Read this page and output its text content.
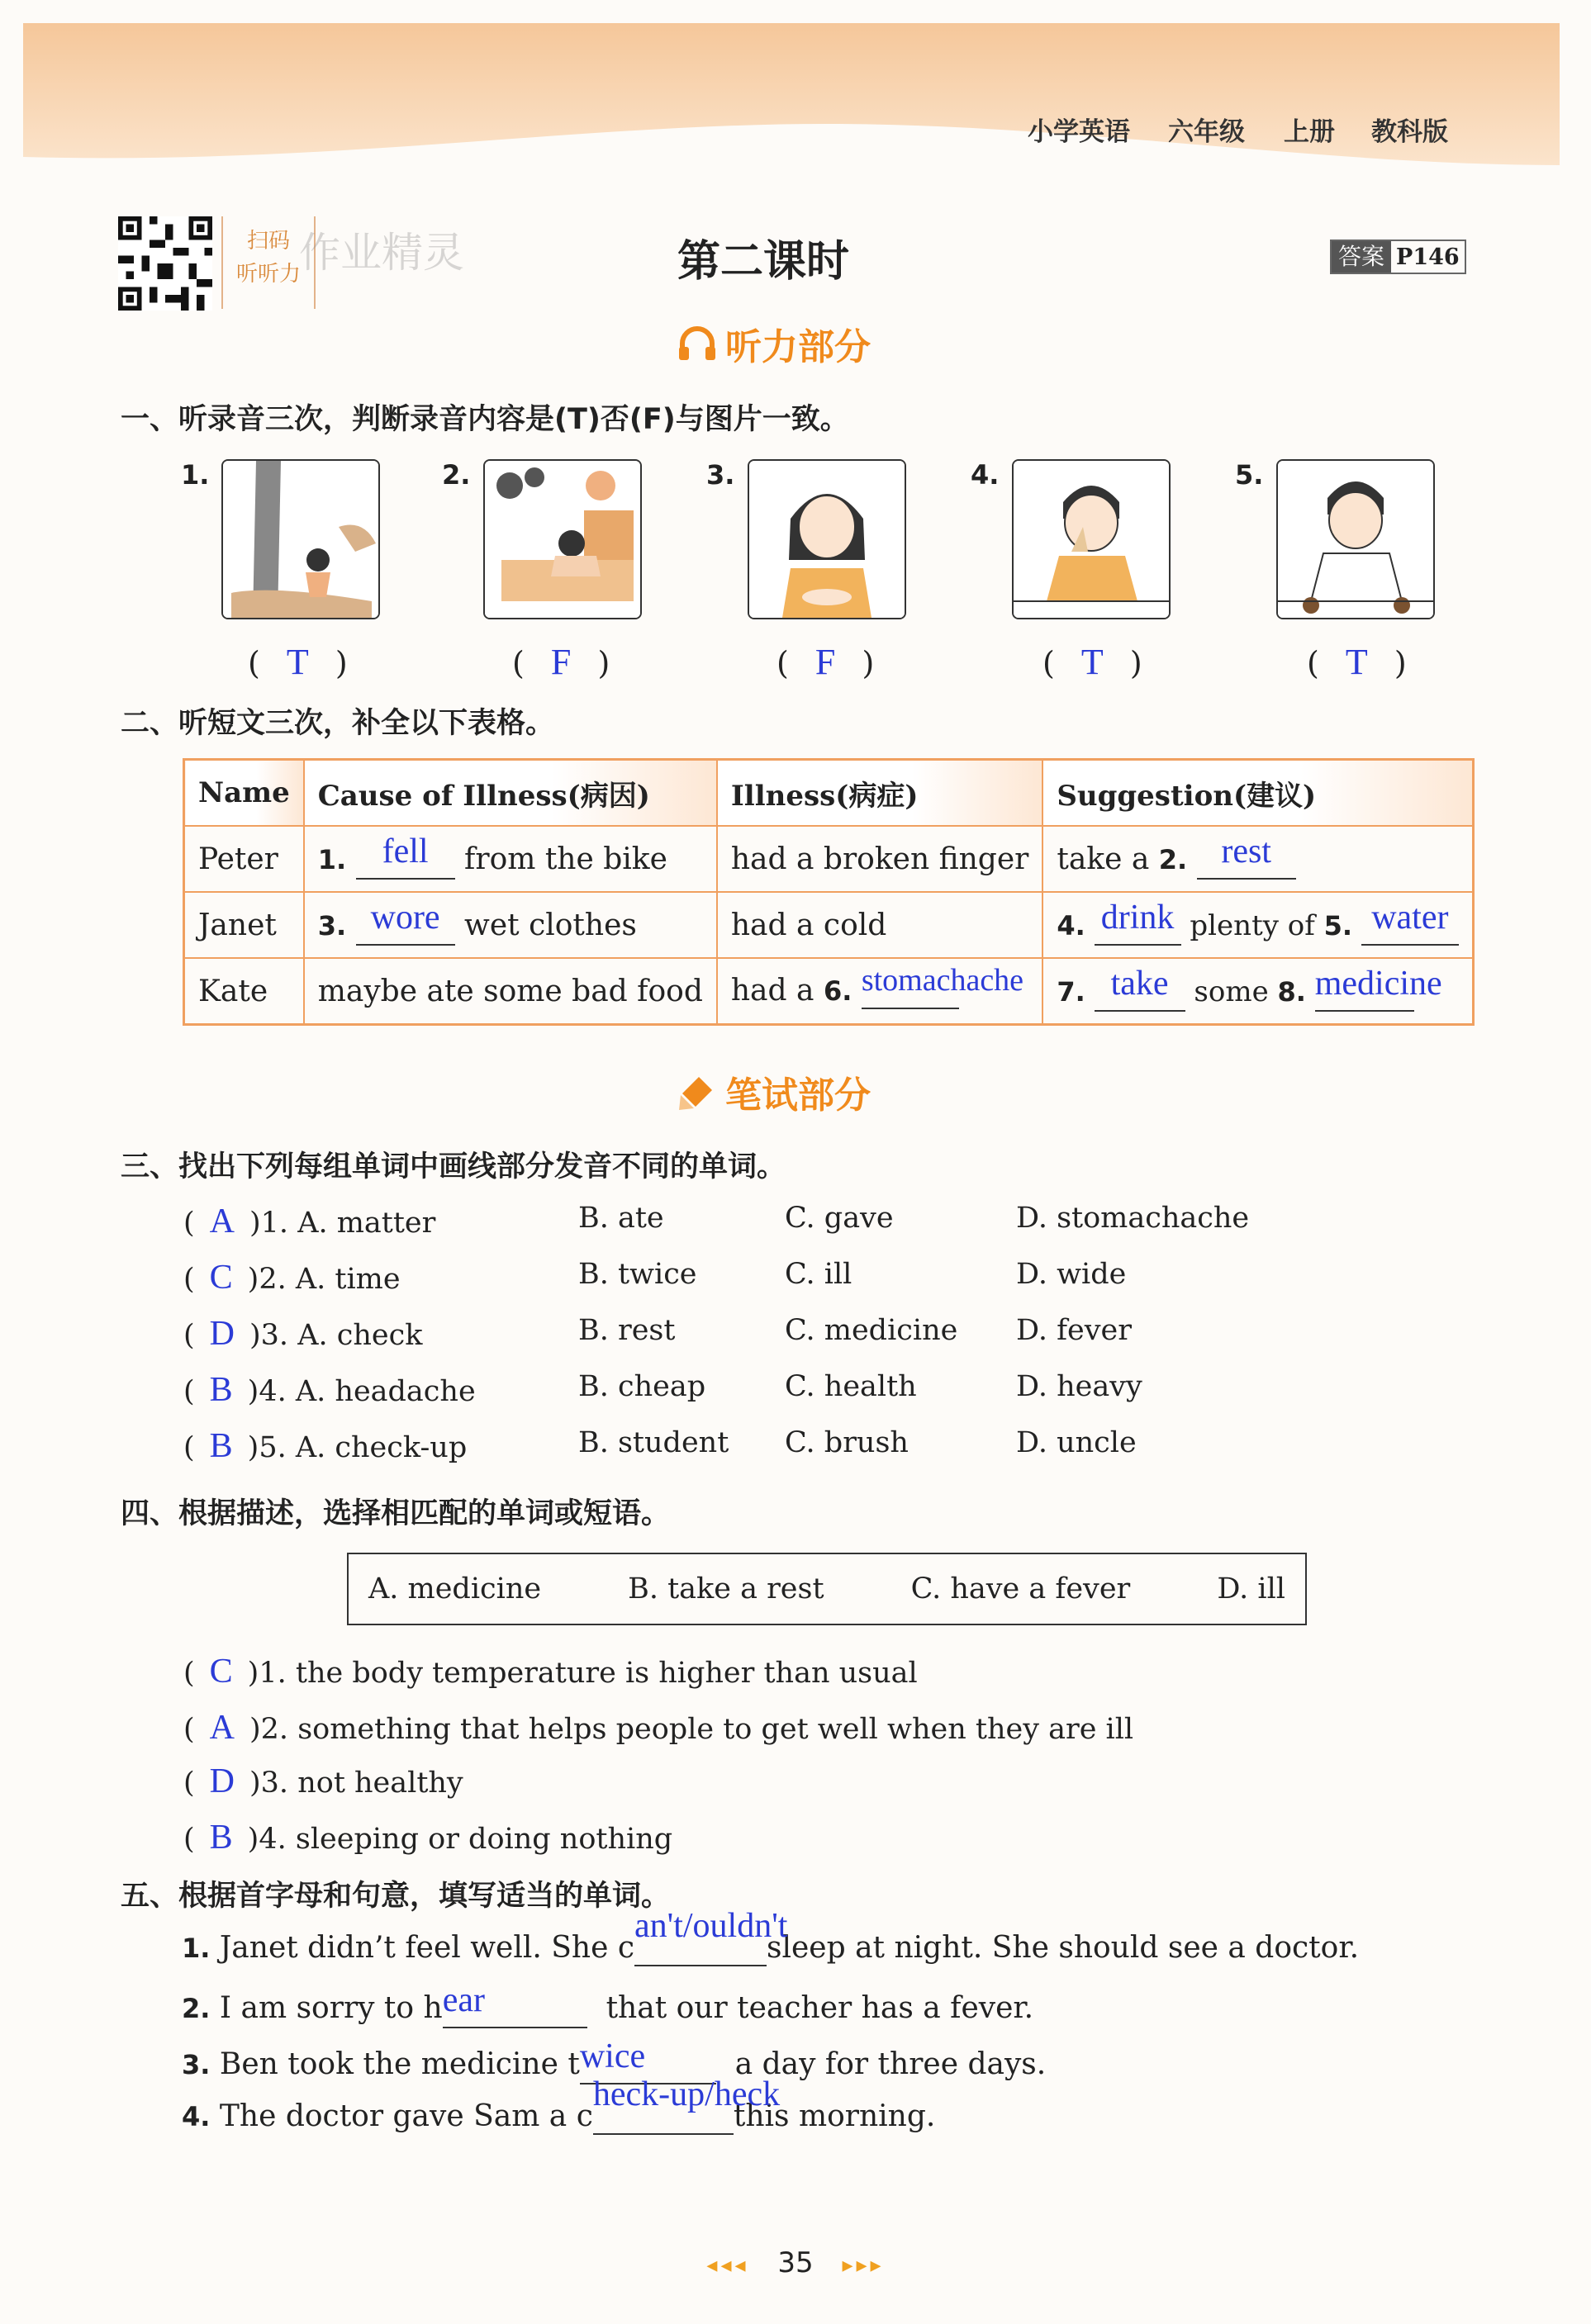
小学英语 六年级 上册 教科版
扫码
听听力
作业精灵	第二课时	答案 P146
听力部分
一、听录音三次，判断录音内容是(T)否(F)与图片一致。
1.	2.	3.	4.	5.
( T )	( F )	( F )	( T )	( T )
二、听短文三次，补全以下表格。
Name	Cause of Illness(病因)	Illness(病症)	Suggestion(建议)
Peter	1. fell from the bike	had a broken finger	take a 2. rest
Janet	3. wore wet clothes	had a cold	4. drink plenty of 5. water
Kate	maybe ate some bad food	had a 6. stomachache	7. take some 8. medicine
笔试部分
三、找出下列每组单词中画线部分发音不同的单词。
( A )1. A. matter	B. ate	C. gave	D. stomachache
( C )2. A. time	B. twice	C. ill	D. wide
( D )3. A. check	B. rest	C. medicine D. fever
( B )4. A. headache	B. cheap	C. health	D. heavy
( B )5. A. check-up	B. student C. brush	D. uncle
四、根据描述，选择相匹配的单词或短语。
A. medicine	B. take a rest	C. have a fever	D. ill
( C )1. the body temperature is higher than usual
( A )2. something that helps people to get well when they are ill
( D )3. not healthy
( B )4. sleeping or doing nothing
五、根据首字母和句意，填写适当的单词。
1. Janet didn’t feel well. She c
an't/ouldn't
sleep at night. She should see a doctor.
2. I am sorry to hear	that our teacher has a fever.
3. Ben took the medicine twice	a day for three days.
4. The doctor gave Sam a c
heck-up/heck
this morning.
◂◂◂ 35 ▸▸▸
